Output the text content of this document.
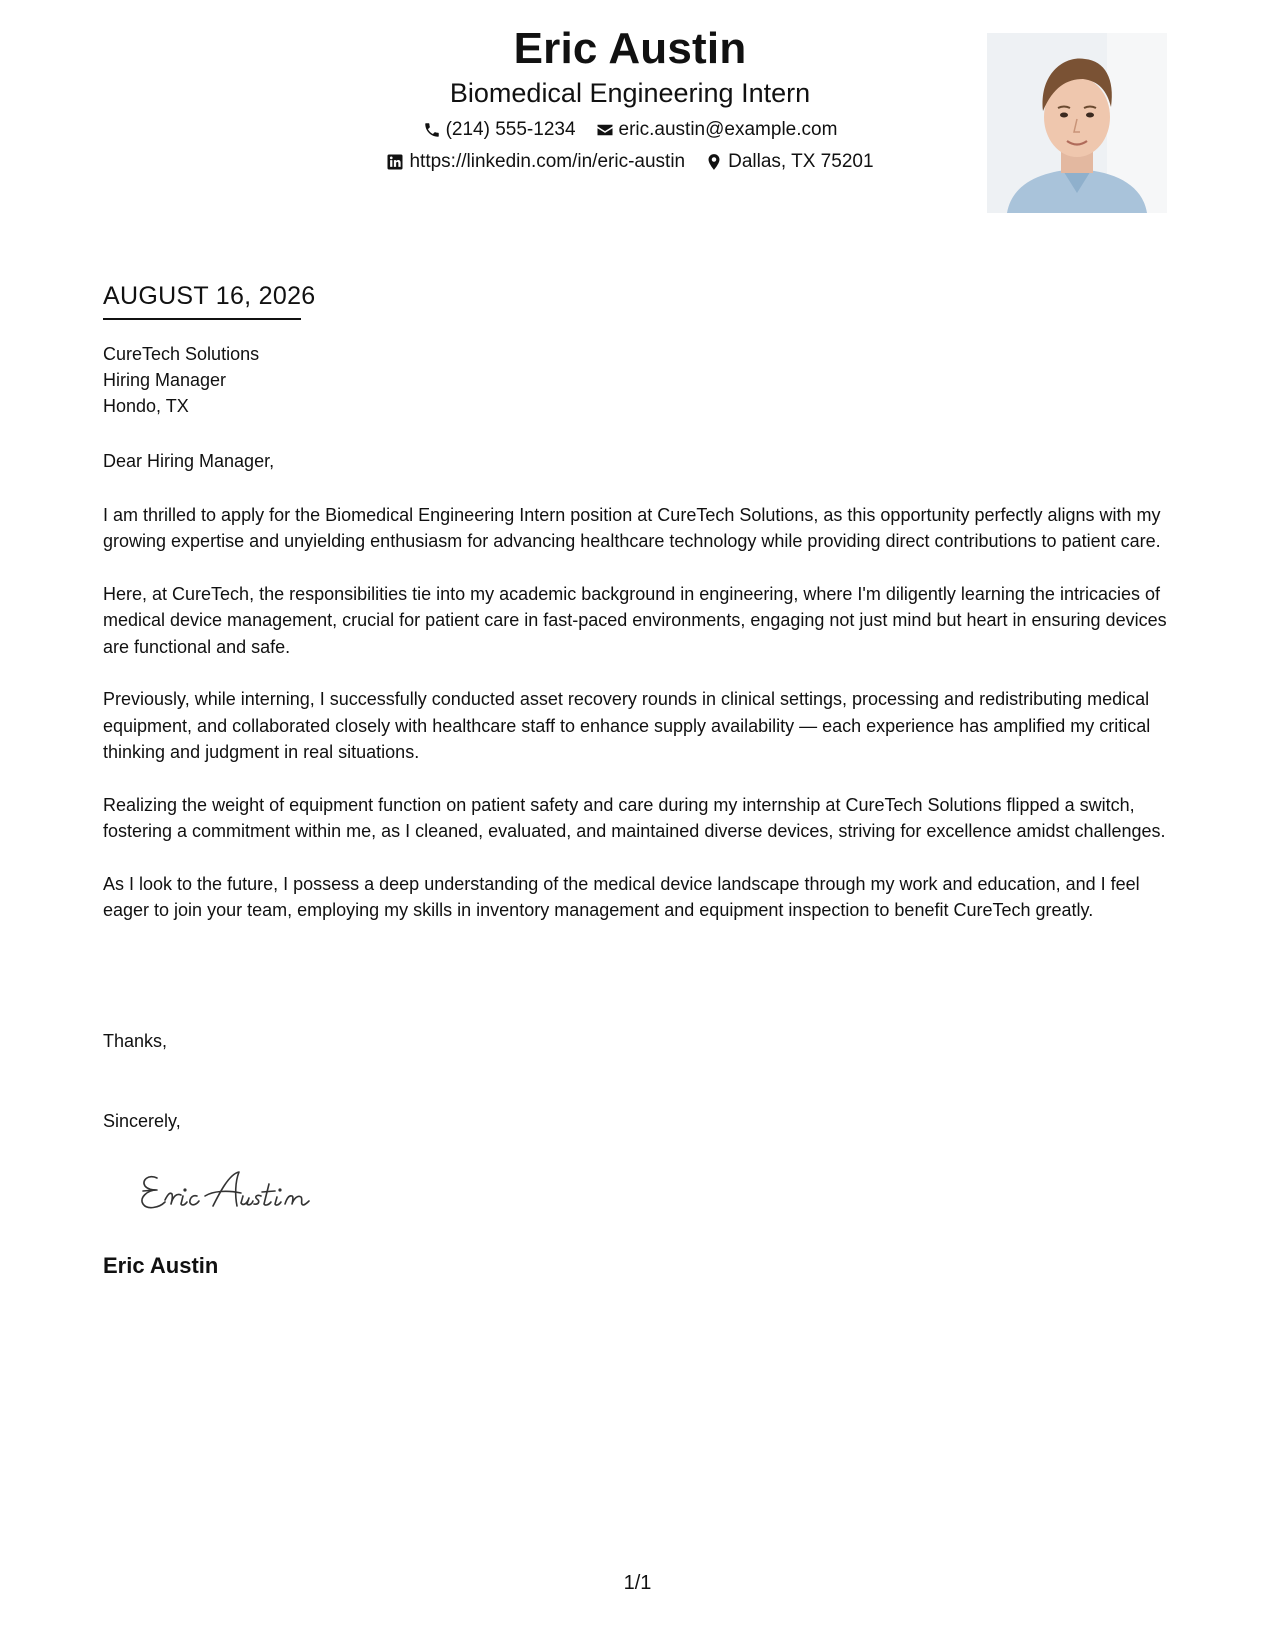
Eric Austin
Biomedical Engineering Intern
(214) 555-1234 eric.austin@example.com
https://linkedin.com/in/eric-austin Dallas, TX 75201
AUGUST 16, 2026
CureTech Solutions
Hiring Manager
Hondo, TX

Dear Hiring Manager,

I am thrilled to apply for the Biomedical Engineering Intern position at CureTech Solutions, as this opportunity perfectly aligns with my growing expertise and unyielding enthusiasm for advancing healthcare technology while providing direct contributions to patient care.

Here, at CureTech, the responsibilities tie into my academic background in engineering, where I'm diligently learning the intricacies of medical device management, crucial for patient care in fast-paced environments, engaging not just mind but heart in ensuring devices are functional and safe.

Previously, while interning, I successfully conducted asset recovery rounds in clinical settings, processing and redistributing medical equipment, and collaborated closely with healthcare staff to enhance supply availability — each experience has amplified my critical thinking and judgment in real situations.

Realizing the weight of equipment function on patient safety and care during my internship at CureTech Solutions flipped a switch, fostering a commitment within me, as I cleaned, evaluated, and maintained diverse devices, striving for excellence amidst challenges.

As I look to the future, I possess a deep understanding of the medical device landscape through my work and education, and I feel eager to join your team, employing my skills in inventory management and equipment inspection to benefit CureTech greatly.

Thanks,
Sincerely,
Eric Austin
1/1
